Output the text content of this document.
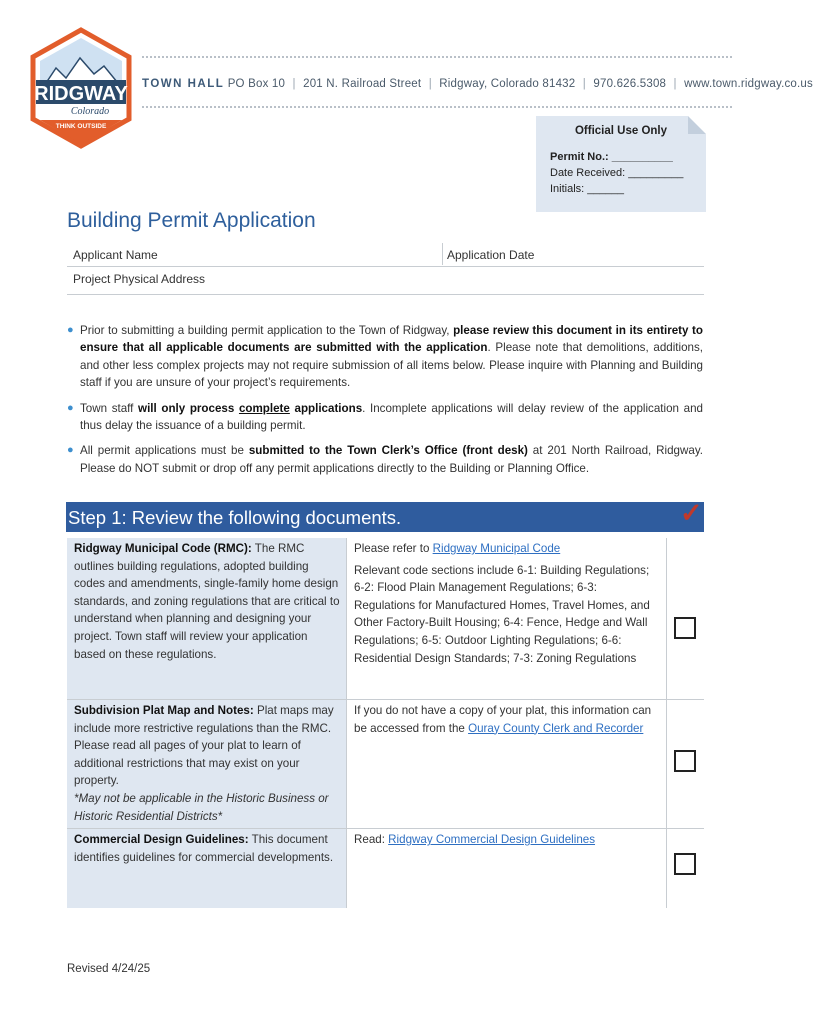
RIDGWAY
Colorado
THINK OUTSIDE
TOWN HALL PO Box 10 | 201 N. Railroad Street | Ridgway, Colorado 81432 | 970.626.5308 | www.town.ridgway.co.us
Official Use Only
Permit No.: __________
Date Received: _________
Initials: ______
Building Permit Application
Applicant Name	Application Date
Project Physical Address
● Prior to submitting a building permit application to the Town of Ridgway, please review this document in its entirety to ensure that all applicable documents are submitted with the application. Please note that demolitions, additions, and other less complex projects may not require submission of all items below. Please inquire with Planning and Building staff if you are unsure of your project’s requirements.
● Town staff will only process complete applications. Incomplete applications will delay review of the application and thus delay the issuance of a building permit.
● All permit applications must be submitted to the Town Clerk’s Office (front desk) at 201 North Railroad, Ridgway. Please do NOT submit or drop off any permit applications directly to the Building or Planning Office.
Step 1: Review the following documents.	✓
Ridgway Municipal Code (RMC): The RMC outlines building regulations, adopted building codes and amendments, single-family home design standards, and zoning regulations that are critical to understand when planning and designing your project. Town staff will review your application based on these regulations.
Please refer to Ridgway Municipal Code
Relevant code sections include 6-1: Building Regulations; 6-2: Flood Plain Management Regulations; 6-3: Regulations for Manufactured Homes, Travel Homes, and Other Factory-Built Housing; 6-4: Fence, Hedge and Wall Regulations; 6-5: Outdoor Lighting Regulations; 6-6: Residential Design Standards; 7-3: Zoning Regulations
Subdivision Plat Map and Notes: Plat maps may include more restrictive regulations than the RMC. Please read all pages of your plat to learn of additional restrictions that may exist on your property.
*May not be applicable in the Historic Business or Historic Residential Districts*
If you do not have a copy of your plat, this information can be accessed from the Ouray County Clerk and Recorder
Commercial Design Guidelines: This document identifies guidelines for commercial developments.
Read: Ridgway Commercial Design Guidelines
Revised 4/24/25
